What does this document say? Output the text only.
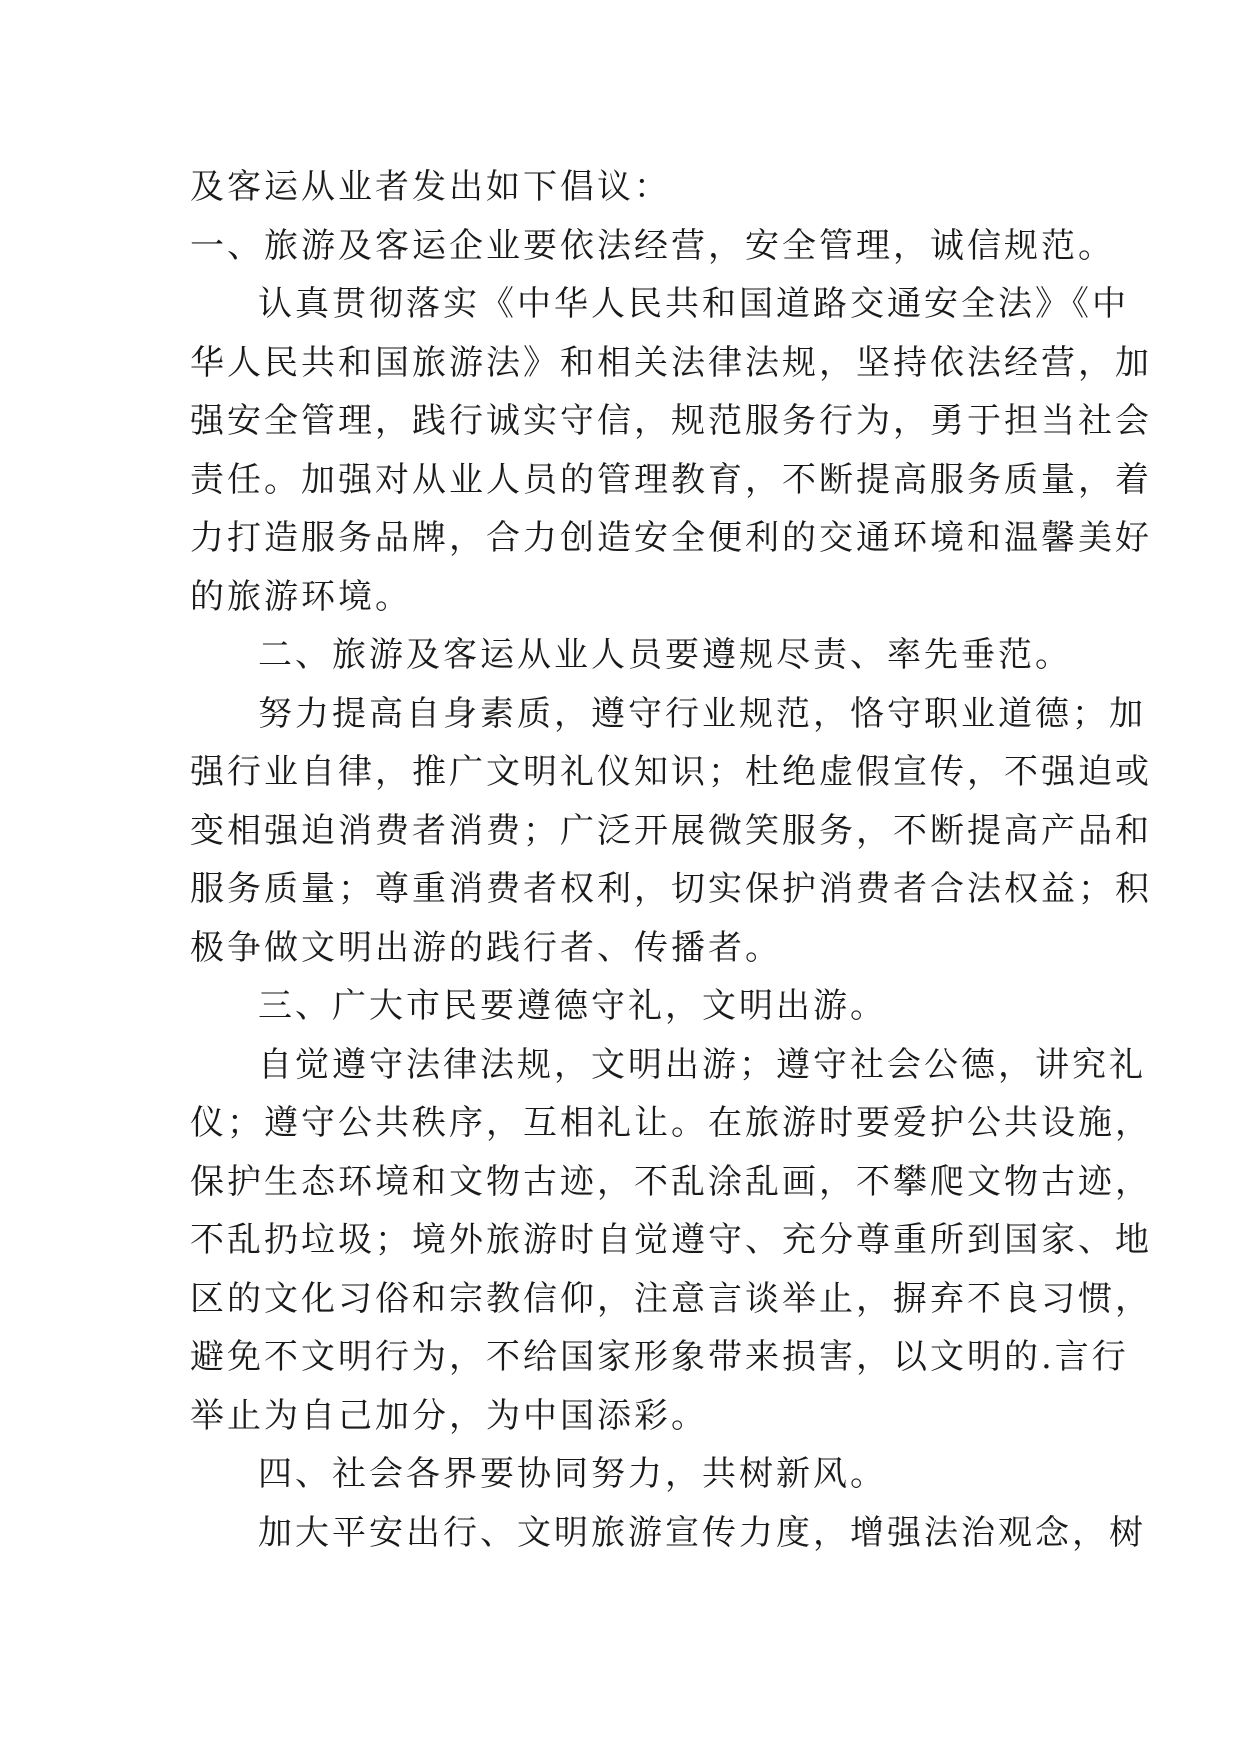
及客运从业者发出如下倡议：
一、旅游及客运企业要依法经营，安全管理，诚信规范。
认真贯彻落实《中华人民共和国道路交通安全法》《中
华人民共和国旅游法》和相关法律法规，坚持依法经营，加
强安全管理，践行诚实守信，规范服务行为，勇于担当社会
责任。加强对从业人员的管理教育，不断提高服务质量，着
力打造服务品牌，合力创造安全便利的交通环境和温馨美好
的旅游环境。
二、旅游及客运从业人员要遵规尽责、率先垂范。
努力提高自身素质，遵守行业规范，恪守职业道德；加
强行业自律，推广文明礼仪知识；杜绝虚假宣传，不强迫或
变相强迫消费者消费；广泛开展微笑服务，不断提高产品和
服务质量；尊重消费者权利，切实保护消费者合法权益；积
极争做文明出游的践行者、传播者。
三、广大市民要遵德守礼，文明出游。
自觉遵守法律法规，文明出游；遵守社会公德，讲究礼
仪；遵守公共秩序，互相礼让。在旅游时要爱护公共设施，
保护生态环境和文物古迹，不乱涂乱画，不攀爬文物古迹，
不乱扔垃圾；境外旅游时自觉遵守、充分尊重所到国家、地
区的文化习俗和宗教信仰，注意言谈举止，摒弃不良习惯，
避免不文明行为，不给国家形象带来损害，以文明的.言行
举止为自己加分，为中国添彩。
四、社会各界要协同努力，共树新风。
加大平安出行、文明旅游宣传力度，增强法治观念，树
